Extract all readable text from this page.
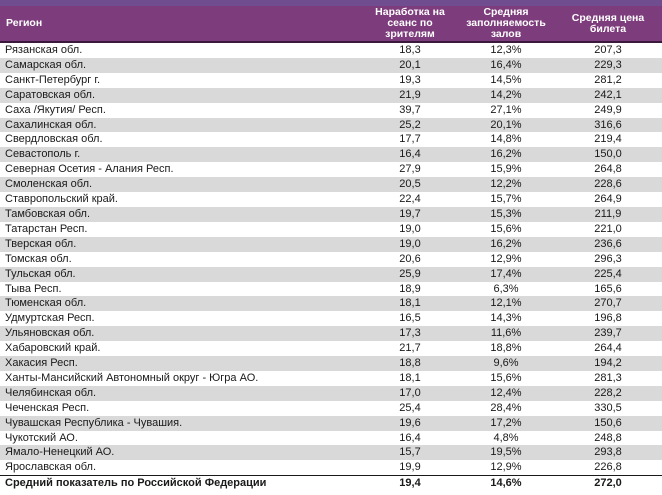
Регион	Наработка на сеанс по зрителям	Средняя заполняемость залов	Средняя цена билета
Рязанская обл.	18,3	12,3%	207,3
Самарская обл.	20,1	16,4%	229,3
Санкт-Петербург г.	19,3	14,5%	281,2
Саратовская обл.	21,9	14,2%	242,1
Саха /Якутия/ Респ.	39,7	27,1%	249,9
Сахалинская обл.	25,2	20,1%	316,6
Свердловская обл.	17,7	14,8%	219,4
Севастополь г.	16,4	16,2%	150,0
Северная Осетия - Алания Респ.	27,9	15,9%	264,8
Смоленская обл.	20,5	12,2%	228,6
Ставропольский край.	22,4	15,7%	264,9
Тамбовская обл.	19,7	15,3%	211,9
Татарстан Респ.	19,0	15,6%	221,0
Тверская обл.	19,0	16,2%	236,6
Томская обл.	20,6	12,9%	296,3
Тульская обл.	25,9	17,4%	225,4
Тыва Респ.	18,9	6,3%	165,6
Тюменская обл.	18,1	12,1%	270,7
Удмуртская Респ.	16,5	14,3%	196,8
Ульяновская обл.	17,3	11,6%	239,7
Хабаровский край.	21,7	18,8%	264,4
Хакасия Респ.	18,8	9,6%	194,2
Ханты-Мансийский Автономный округ - Югра АО.	18,1	15,6%	281,3
Челябинская обл.	17,0	12,4%	228,2
Чеченская Респ.	25,4	28,4%	330,5
Чувашская Республика - Чувашия.	19,6	17,2%	150,6
Чукотский АО.	16,4	4,8%	248,8
Ямало-Ненецкий АО.	15,7	19,5%	293,8
Ярославская обл.	19,9	12,9%	226,8
Средний показатель по Российской Федерации	19,4	14,6%	272,0
